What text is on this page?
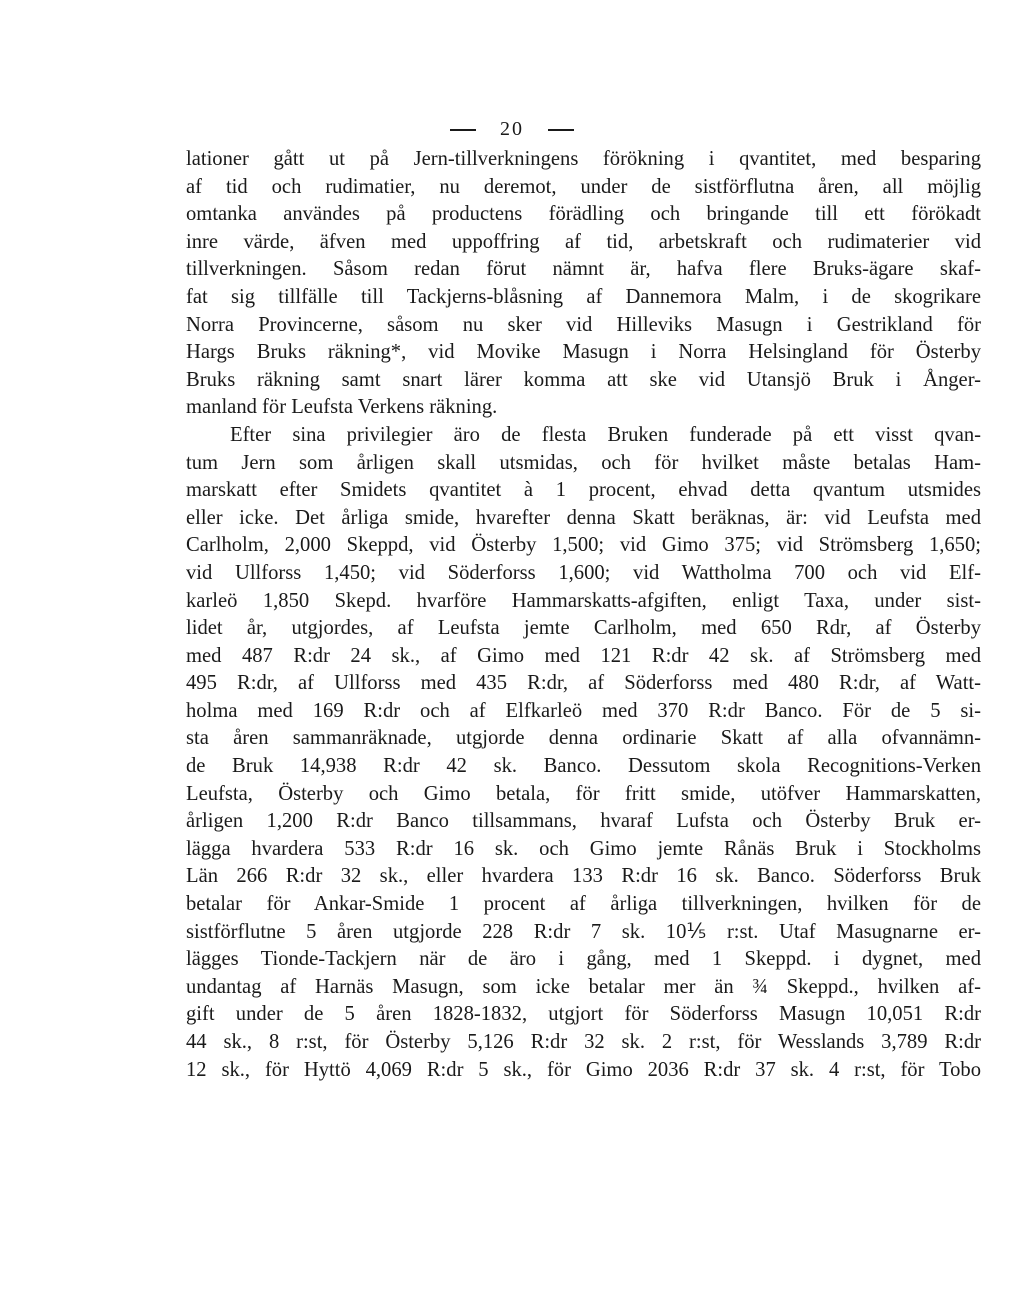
20
lationer gått ut på Jern-tillverkningens förökning i qvantitet, med besparing
af tid och rudimatier, nu deremot, under de sistförflutna åren, all möjlig
omtanka användes på productens förädling och bringande till ett förökadt
inre värde, äfven med uppoffring af tid, arbetskraft och rudimaterier vid
tillverkningen. Såsom redan förut nämnt är, hafva flere Bruks-ägare skaf-
fat sig tillfälle till Tackjerns-blåsning af Dannemora Malm, i de skogrikare
Norra Provincerne, såsom nu sker vid Hilleviks Masugn i Gestrikland för
Hargs Bruks räkning*, vid Movike Masugn i Norra Helsingland för Österby
Bruks räkning samt snart lärer komma att ske vid Utansjö Bruk i Ånger-
manland för Leufsta Verkens räkning.
Efter sina privilegier äro de flesta Bruken funderade på ett visst qvan-
tum Jern som årligen skall utsmidas, och för hvilket måste betalas Ham-
marskatt efter Smidets qvantitet à 1 procent, ehvad detta qvantum utsmides
eller icke. Det årliga smide, hvarefter denna Skatt beräknas, är: vid Leufsta med
Carlholm, 2,000 Skeppd, vid Österby 1,500; vid Gimo 375; vid Strömsberg 1,650;
vid Ullforss 1,450; vid Söderforss 1,600; vid Wattholma 700 och vid Elf-
karleö 1,850 Skepd. hvarföre Hammarskatts-afgiften, enligt Taxa, under sist-
lidet år, utgjordes, af Leufsta jemte Carlholm, med 650 Rdr, af Österby
med 487 R:dr 24 sk., af Gimo med 121 R:dr 42 sk. af Strömsberg med
495 R:dr, af Ullforss med 435 R:dr, af Söderforss med 480 R:dr, af Watt-
holma med 169 R:dr och af Elfkarleö med 370 R:dr Banco. För de 5 si-
sta åren sammanräknade, utgjorde denna ordinarie Skatt af alla ofvannämn-
de Bruk 14,938 R:dr 42 sk. Banco. Dessutom skola Recognitions-Verken
Leufsta, Österby och Gimo betala, för fritt smide, utöfver Hammarskatten,
årligen 1,200 R:dr Banco tillsammans, hvaraf Lufsta och Österby Bruk er-
lägga hvardera 533 R:dr 16 sk. och Gimo jemte Rånäs Bruk i Stockholms
Län 266 R:dr 32 sk., eller hvardera 133 R:dr 16 sk. Banco. Söderforss Bruk
betalar för Ankar-Smide 1 procent af årliga tillverkningen, hvilken för de
sistförflutne 5 åren utgjorde 228 R:dr 7 sk. 10⅕ r:st. Utaf Masugnarne er-
lägges Tionde-Tackjern när de äro i gång, med 1 Skeppd. i dygnet, med
undantag af Harnäs Masugn, som icke betalar mer än ¾ Skeppd., hvilken af-
gift under de 5 åren 1828-1832, utgjort för Söderforss Masugn 10,051 R:dr
44 sk., 8 r:st, för Österby 5,126 R:dr 32 sk. 2 r:st, för Wesslands 3,789 R:dr
12 sk., för Hyttö 4,069 R:dr 5 sk., för Gimo 2036 R:dr 37 sk. 4 r:st, för Tobo
